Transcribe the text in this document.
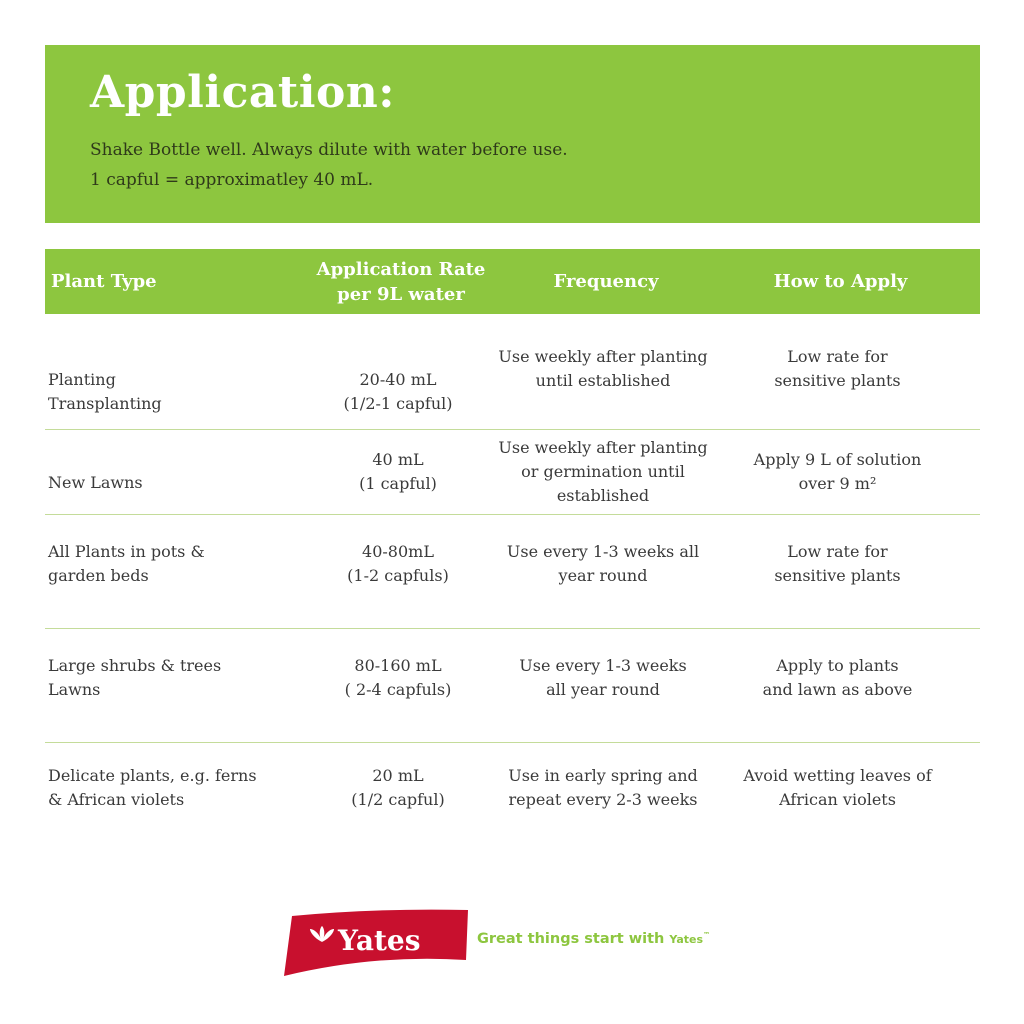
Application:

Shake Bottle well. Always dilute with water before use.

1 capful = approximatley 40 mL.

Plant Type
Application Rate
per 9L water
Frequency	How to Apply
Planting
Transplanting
20-40 mL
(1/2-1 capful)
Use weekly after planting
until established
Low rate for
sensitive plants
New Lawns
40 mL
(1 capful)
Use weekly after planting
or germination until
established
Apply 9 L of solution
over 9 m²
All Plants in pots &
garden beds
40-80mL
(1-2 capfuls)
Use every 1-3 weeks all
year round
Low rate for
sensitive plants
Large shrubs & trees
Lawns
80-160 mL
( 2-4 capfuls)
Use every 1-3 weeks
all year round
Apply to plants
and lawn as above
Delicate plants, e.g. ferns
& African violets
20 mL
(1/2 capful)
Use in early spring and
repeat every 2-3 weeks
Avoid wetting leaves of
African violets
Yates	Great things start with Yates™
